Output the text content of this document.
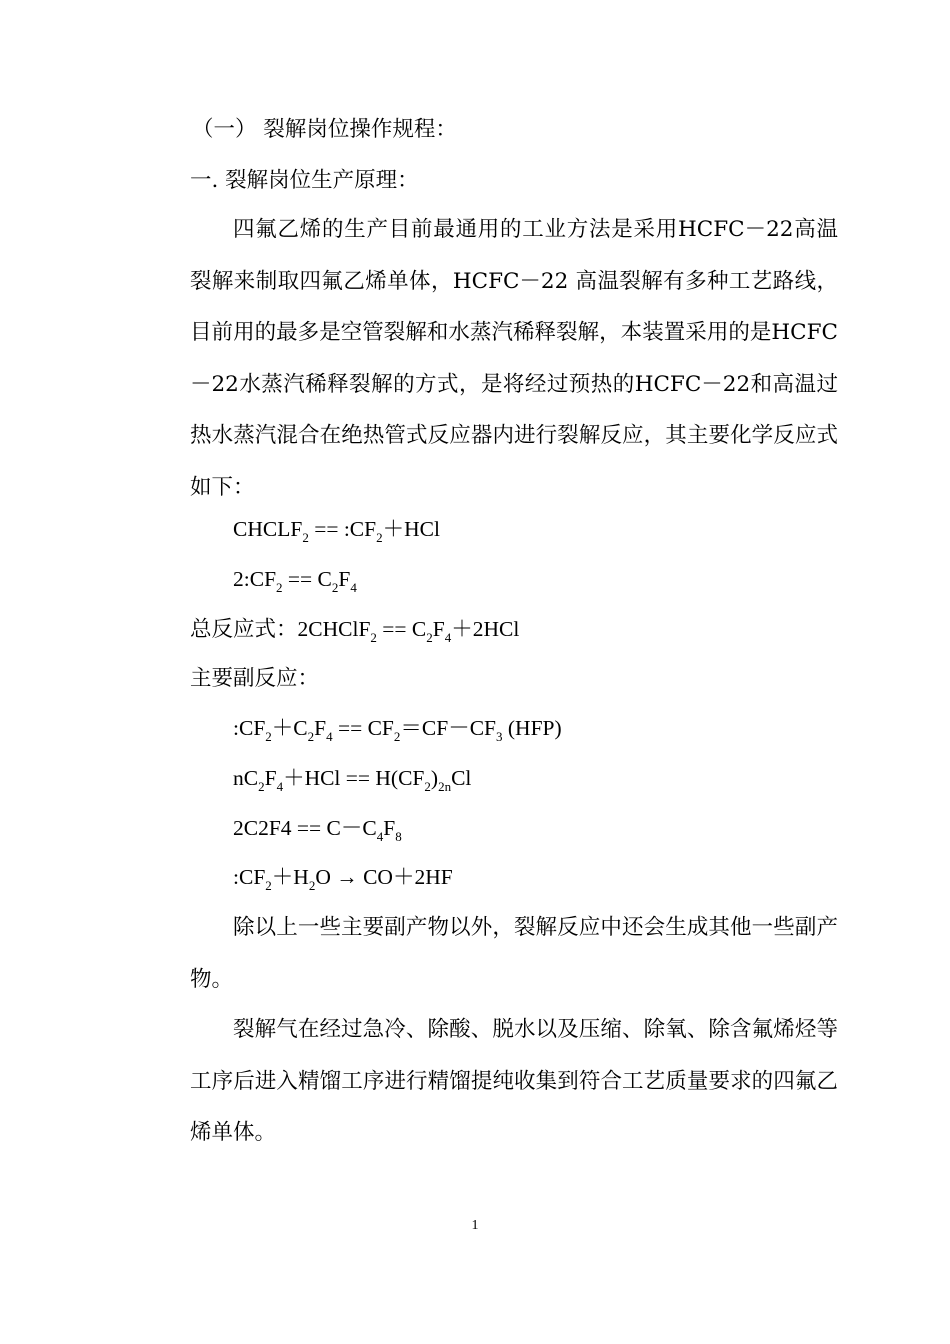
（一） 裂解岗位操作规程：
一. 裂解岗位生产原理：
四氟乙烯的生产目前最通用的工业方法是采用HCFC－22高温裂解来制取四氟乙烯单体，HCFC－22 高温裂解有多种工艺路线，目前用的最多是空管裂解和水蒸汽稀释裂解，本装置采用的是HCFC－22水蒸汽稀释裂解的方式，是将经过预热的HCFC－22和高温过热水蒸汽混合在绝热管式反应器内进行裂解反应，其主要化学反应式如下：
$CHCLF_2$ == $:CF_2+HCl$
$2:CF_2 == C_2F_4$
总反应式：2CHClF$_2$ == $C_2F_4+2HCl$
主要副反应：
$:CF_2+C_2F_4 == CF_2=CF-CF_3$ (HFP)
$nC_2F_4+HCl == H(CF_2)_{2n}Cl$
$2C2F4 == C-C_4F_8$
$:CF_2+H_2O \to CO+2HF$
除以上一些主要副产物以外，裂解反应中还会生成其他一些副产物。
裂解气在经过急冷、除酸、脱水以及压缩、除氧、除含氟烯烃等工序后进入精馏工序进行精馏提纯收集到符合工艺质量要求的四氟乙烯单体。
1
